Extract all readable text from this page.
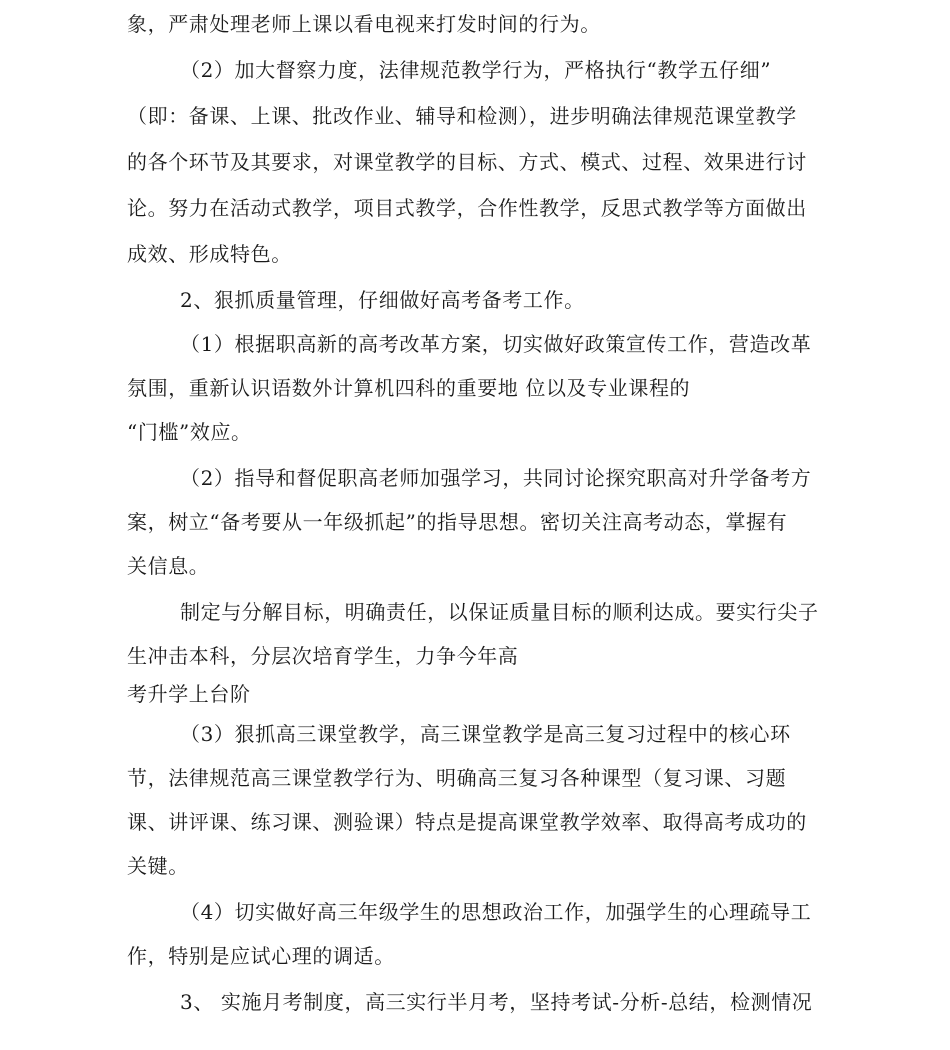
象，严肃处理老师上课以看电视来打发时间的行为。
（2）加大督察力度，法律规范教学行为，严格执行“教学五仔细”
（即：备课、上课、批改作业、辅导和检测），进步明确法律规范课堂教学
的各个环节及其要求，对课堂教学的目标、方式、模式、过程、效果进行讨
论。努力在活动式教学，项目式教学，合作性教学，反思式教学等方面做出
成效、形成特色。
2、狠抓质量管理，仔细做好高考备考工作。
（1）根据职高新的高考改革方案，切实做好政策宣传工作，营造改革
氛围，重新认识语数外计算机四科的重要地 位以及专业课程的
“门槛”效应。
（2）指导和督促职高老师加强学习，共同讨论探究职高对升学备考方
案，树立“备考要从一年级抓起”的指导思想。密切关注高考动态，掌握有
关信息。
制定与分解目标，明确责任，以保证质量目标的顺利达成。要实行尖子
生冲击本科，分层次培育学生，力争今年高
考升学上台阶
（3）狠抓高三课堂教学，高三课堂教学是高三复习过程中的核心环
节，法律规范高三课堂教学行为、明确高三复习各种课型（复习课、习题
课、讲评课、练习课、测验课）特点是提高课堂教学效率、取得高考成功的
关键。
（4）切实做好高三年级学生的思想政治工作，加强学生的心理疏导工
作，特别是应试心理的调适。
3、 实施月考制度，高三实行半月考，坚持考试-分析-总结，检测情况
